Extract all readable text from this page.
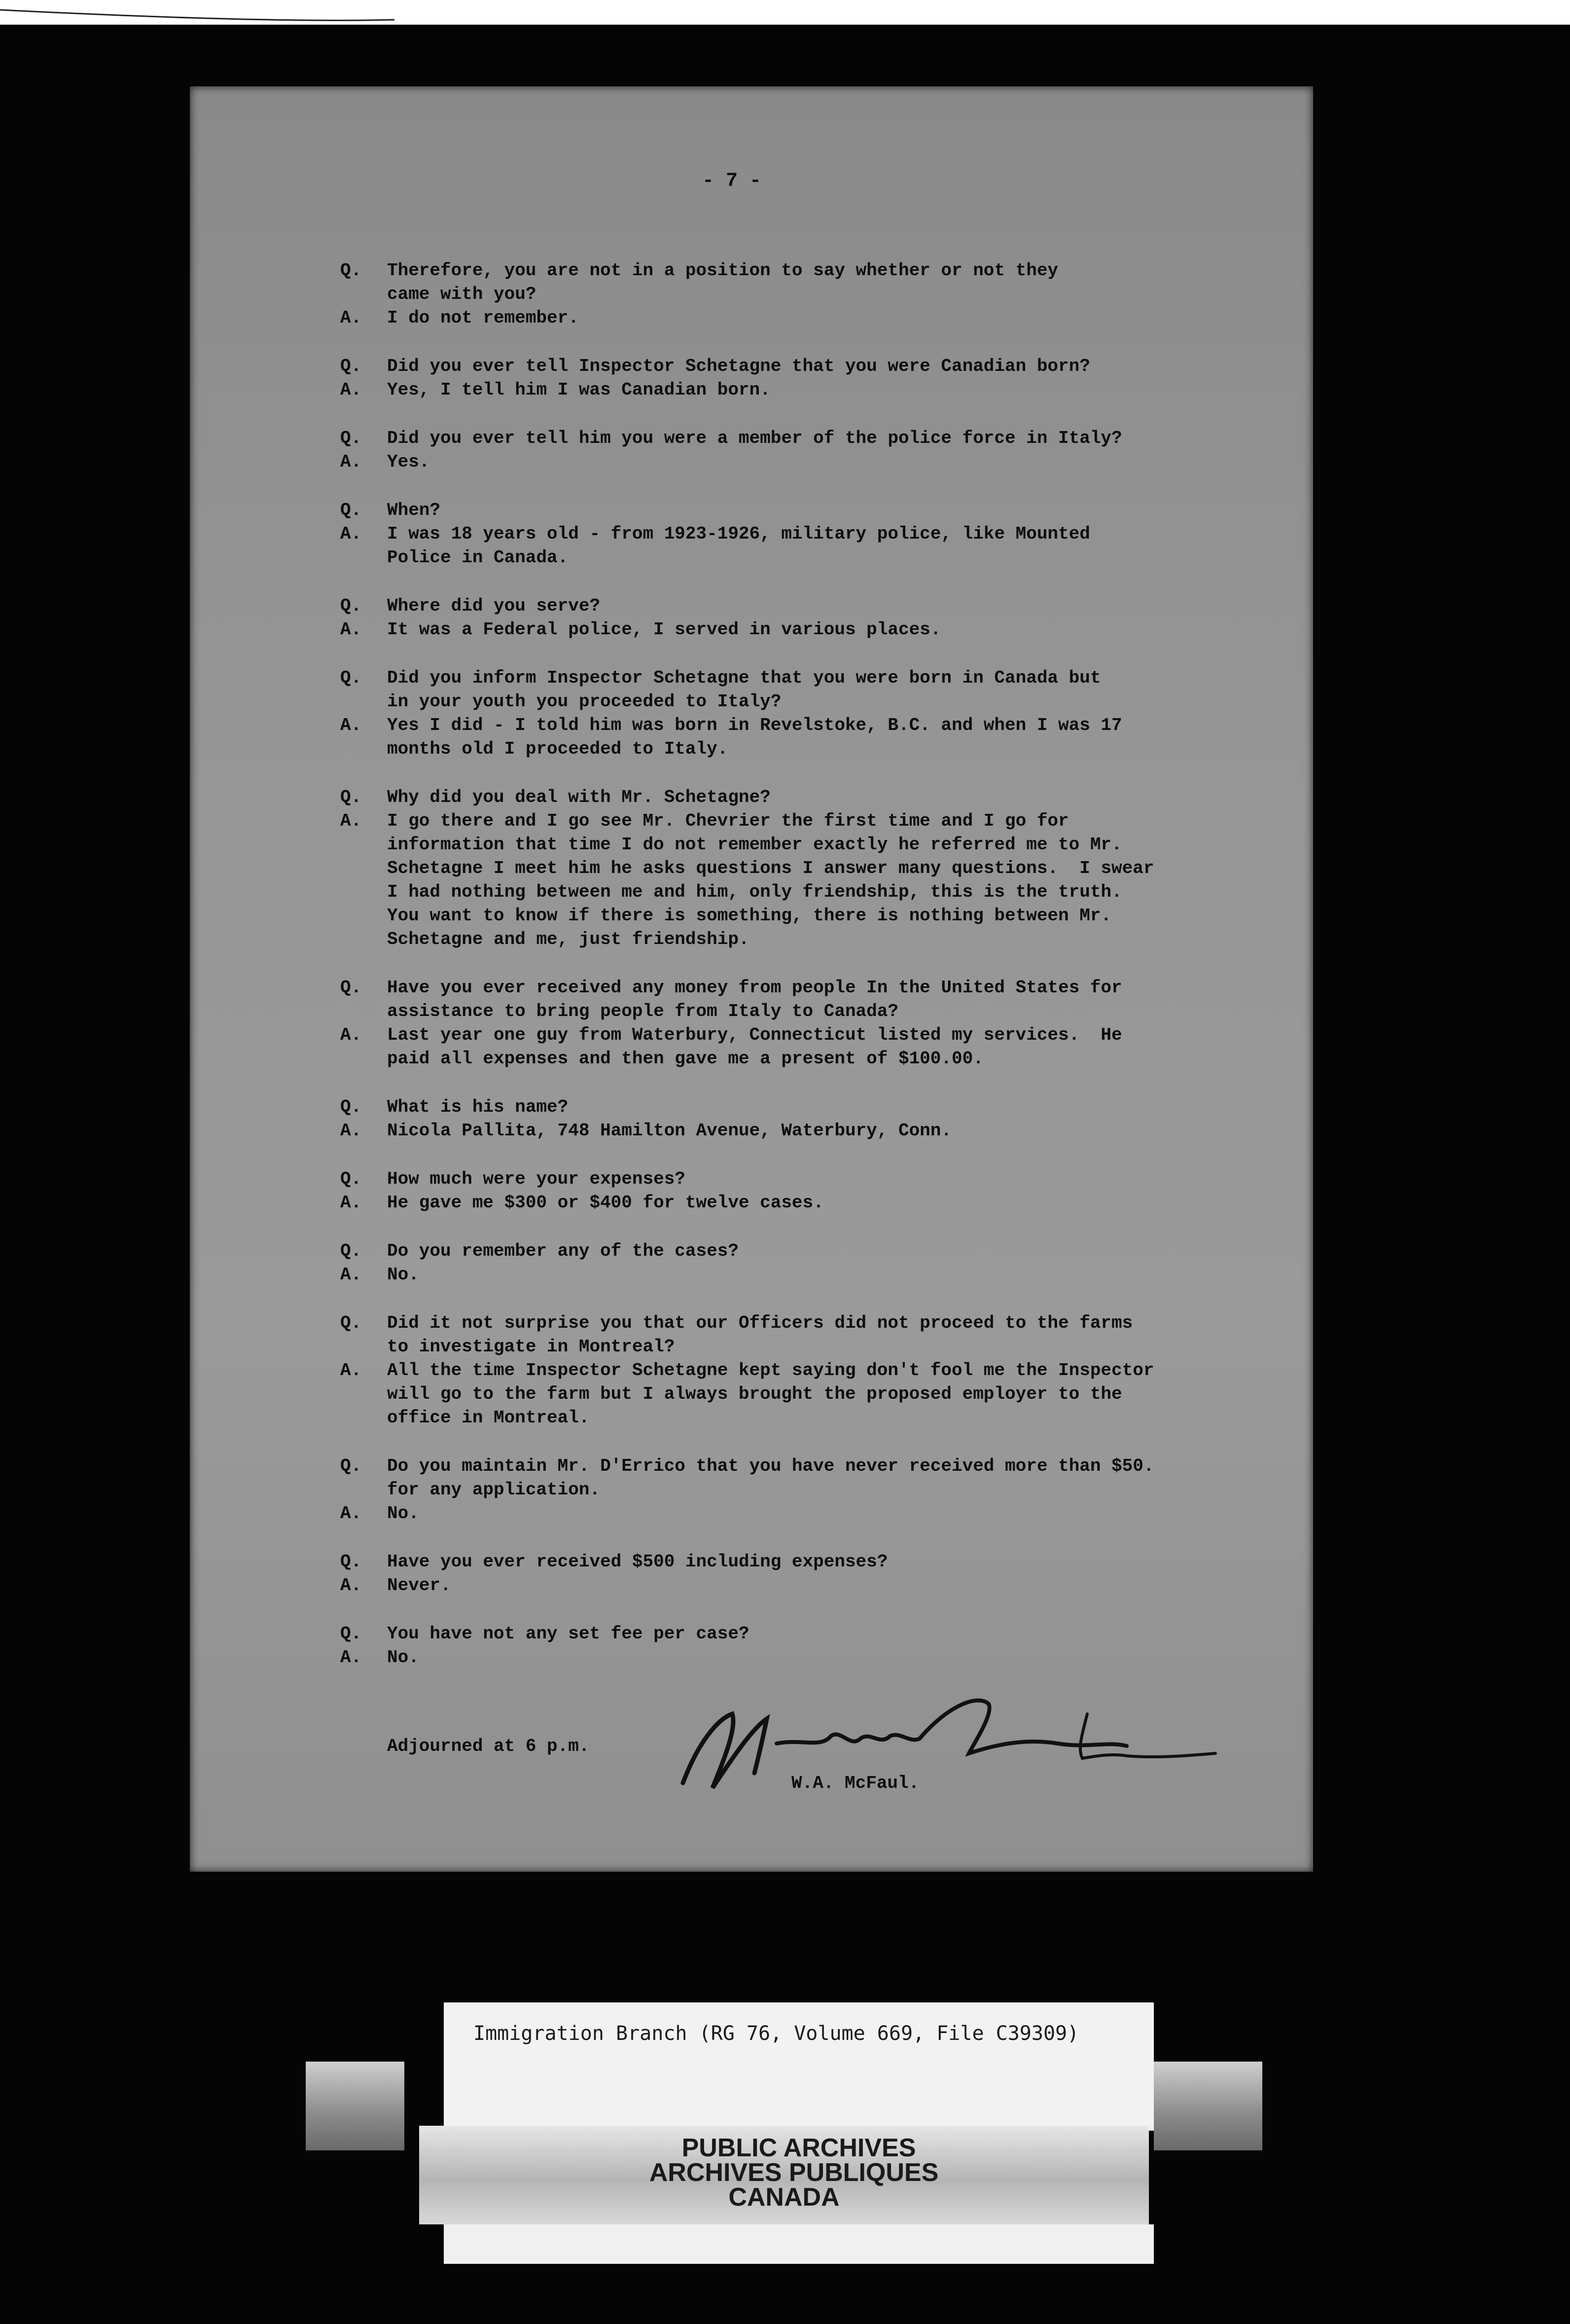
- 7 -
Q.	Therefore, you are not in a position to say whether or not they
came with you?
A.	I do not remember.
Q.	Did you ever tell Inspector Schetagne that you were Canadian born?
A.	Yes, I tell him I was Canadian born.
Q.	Did you ever tell him you were a member of the police force in Italy?
A.	Yes.
Q.	When?
A.	I was 18 years old - from 1923-1926, military police, like Mounted
Police in Canada.
Q.	Where did you serve?
A.	It was a Federal police, I served in various places.
Q.	Did you inform Inspector Schetagne that you were born in Canada but
in your youth you proceeded to Italy?
A.	Yes I did - I told him was born in Revelstoke, B.C. and when I was 17
months old I proceeded to Italy.
Q.	Why did you deal with Mr. Schetagne?
A.	I go there and I go see Mr. Chevrier the first time and I go for
information that time I do not remember exactly he referred me to Mr.
Schetagne I meet him he asks questions I answer many questions.  I swear
I had nothing between me and him, only friendship, this is the truth.
You want to know if there is something, there is nothing between Mr.
Schetagne and me, just friendship.
Q.	Have you ever received any money from people In the United States for
assistance to bring people from Italy to Canada?
A.	Last year one guy from Waterbury, Connecticut listed my services.  He
paid all expenses and then gave me a present of $100.00.
Q.	What is his name?
A.	Nicola Pallita, 748 Hamilton Avenue, Waterbury, Conn.
Q.	How much were your expenses?
A.	He gave me $300 or $400 for twelve cases.
Q.	Do you remember any of the cases?
A.	No.
Q.	Did it not surprise you that our Officers did not proceed to the farms
to investigate in Montreal?
A.	All the time Inspector Schetagne kept saying don't fool me the Inspector
will go to the farm but I always brought the proposed employer to the
office in Montreal.
Q.	Do you maintain Mr. D'Errico that you have never received more than $50.
for any application.
A.	No.
Q.	Have you ever received $500 including expenses?
A.	Never.
Q.	You have not any set fee per case?
A.	No.
Adjourned at 6 p.m.
W.A. McFaul.
Immigration Branch (RG 76, Volume 669, File C39309)
PUBLIC ARCHIVES
ARCHIVES PUBLIQUES
CANADA
